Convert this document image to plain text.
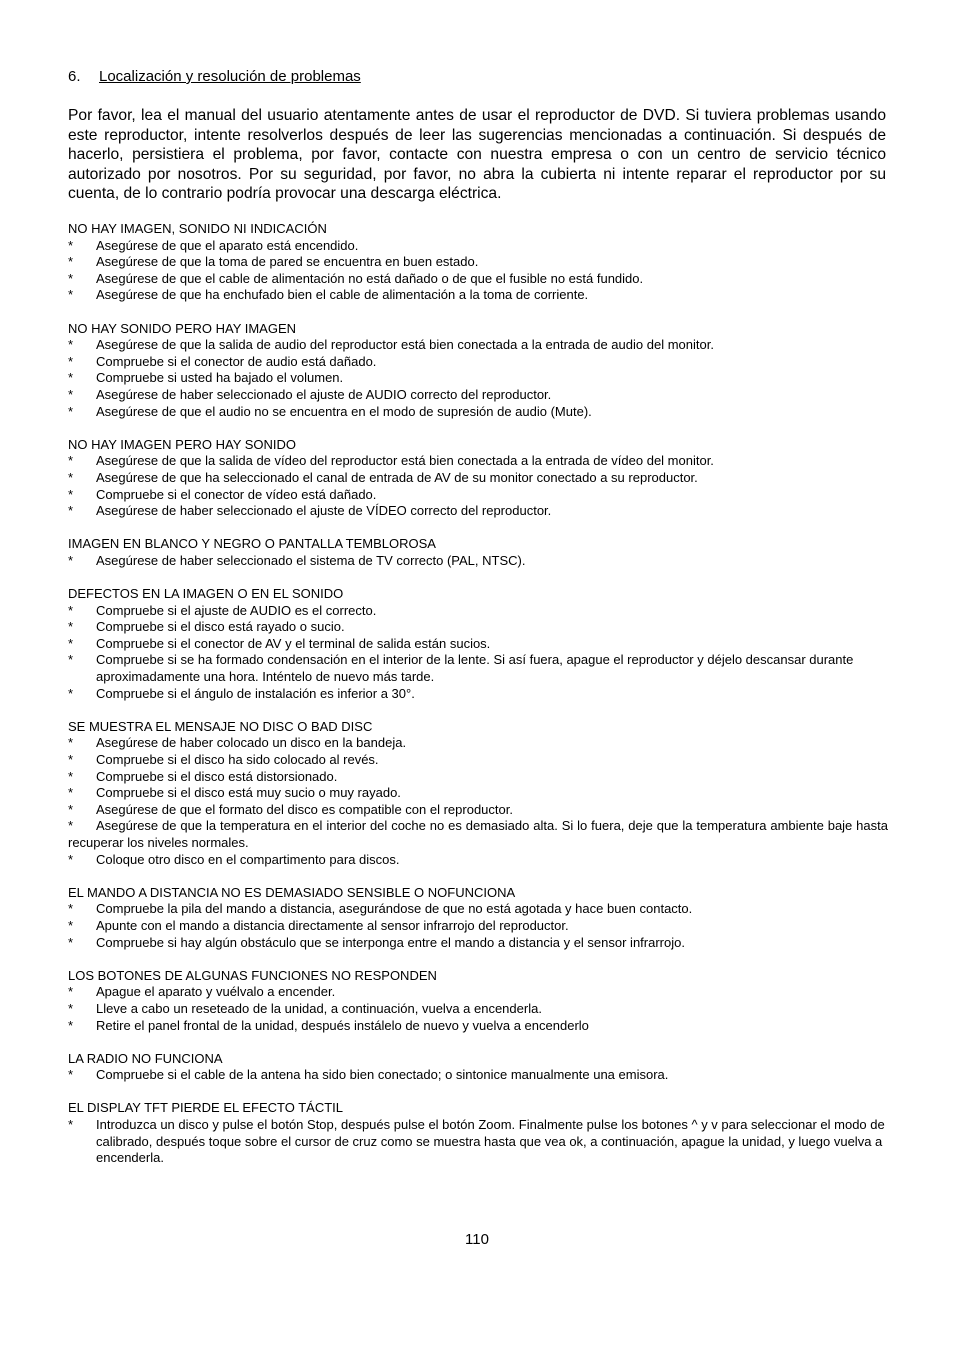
6. Localización y resolución de problemas

Por favor, lea el manual del usuario atentamente antes de usar el reproductor de DVD. Si tuviera problemas usando este reproductor, intente resolverlos después de leer las sugerencias mencionadas a continuación. Si después de hacerlo, persistiera el problema, por favor, contacte con nuestra empresa o con un centro de servicio técnico autorizado por nosotros. Por su seguridad, por favor, no abra la cubierta ni intente reparar el reproductor por su cuenta, de lo contrario podría provocar una descarga eléctrica.

NO HAY IMAGEN, SONIDO NI INDICACIÓN

* Asegúrese de que el aparato está encendido.

* Asegúrese de que la toma de pared se encuentra en buen estado.

* Asegúrese de que el cable de alimentación no está dañado o de que el fusible no está fundido.

* Asegúrese de que ha enchufado bien el cable de alimentación a la toma de corriente.

NO HAY SONIDO PERO HAY IMAGEN

* Asegúrese de que la salida de audio del reproductor está bien conectada a la entrada de audio del monitor.

* Compruebe si el conector de audio está dañado.

* Compruebe si usted ha bajado el volumen.

* Asegúrese de haber seleccionado el ajuste de AUDIO correcto del reproductor.

* Asegúrese de que el audio no se encuentra en el modo de supresión de audio (Mute).

NO HAY IMAGEN PERO HAY SONIDO

* Asegúrese de que la salida de vídeo del reproductor está bien conectada a la entrada de vídeo del monitor.

* Asegúrese de que ha seleccionado el canal de entrada de AV de su monitor conectado a su reproductor.

* Compruebe si el conector de vídeo está dañado.

* Asegúrese de haber seleccionado el ajuste de VÍDEO correcto del reproductor.

IMAGEN EN BLANCO Y NEGRO O PANTALLA TEMBLOROSA

* Asegúrese de haber seleccionado el sistema de TV correcto (PAL, NTSC).

DEFECTOS EN LA IMAGEN O EN EL SONIDO

* Compruebe si el ajuste de AUDIO es el correcto.

* Compruebe si el disco está rayado o sucio.

* Compruebe si el conector de AV y el terminal de salida están sucios.

* Compruebe si se ha formado condensación en el interior de la lente. Si así fuera, apague el reproductor y déjelo descansar durante aproximadamente una hora. Inténtelo de nuevo más tarde.

* Compruebe si el ángulo de instalación es inferior a 30°.

SE MUESTRA EL MENSAJE NO DISC O BAD DISC

* Asegúrese de haber colocado un disco en la bandeja.

* Compruebe si el disco ha sido colocado al revés.

* Compruebe si el disco está distorsionado.

* Compruebe si el disco está muy sucio o muy rayado.

* Asegúrese de que el formato del disco es compatible con el reproductor.

* Asegúrese de que la temperatura en el interior del coche no es demasiado alta. Si lo fuera, deje que la temperatura ambiente baje hasta recuperar los niveles normales.

* Coloque otro disco en el compartimento para discos.

EL MANDO A DISTANCIA NO ES DEMASIADO SENSIBLE O NOFUNCIONA

* Compruebe la pila del mando a distancia, asegurándose de que no está agotada y hace buen contacto.

* Apunte con el mando a distancia directamente al sensor infrarrojo del reproductor.

* Compruebe si hay algún obstáculo que se interponga entre el mando a distancia y el sensor infrarrojo.

LOS BOTONES DE ALGUNAS FUNCIONES NO RESPONDEN

* Apague el aparato y vuélvalo a encender.

* Lleve a cabo un reseteado de la unidad, a continuación, vuelva a encenderla.

* Retire el panel frontal de la unidad, después instálelo de nuevo y vuelva a encenderlo

LA RADIO NO FUNCIONA

* Compruebe si el cable de la antena ha sido bien conectado; o sintonice manualmente una emisora.

EL DISPLAY TFT PIERDE EL EFECTO TÁCTIL

* Introduzca un disco y pulse el botón Stop, después pulse el botón Zoom. Finalmente pulse los botones ^ y v para seleccionar el modo de calibrado, después toque sobre el cursor de cruz como se muestra hasta que vea ok, a continuación, apague la unidad, y luego vuelva a encenderla.

110
